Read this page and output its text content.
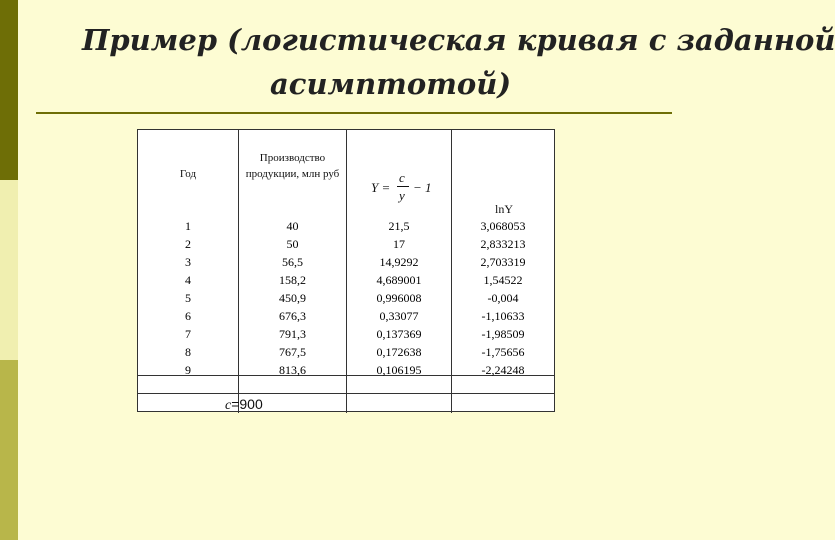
Пример (логистическая кривая с заданной
асимптотой)
Год
Производство продукции, млн руб
Y =
c
y
− 1
lnY
1
2
3
4
5
6
7
8
9
40
50
56,5
158,2
450,9
676,3
791,3
767,5
813,6
21,5
17
14,9292
4,689001
0,996008
0,33077
0,137369
0,172638
0,106195
3,068053
2,833213
2,703319
1,54522
-0,004
-1,10633
-1,98509
-1,75656
-2,24248
c=900
